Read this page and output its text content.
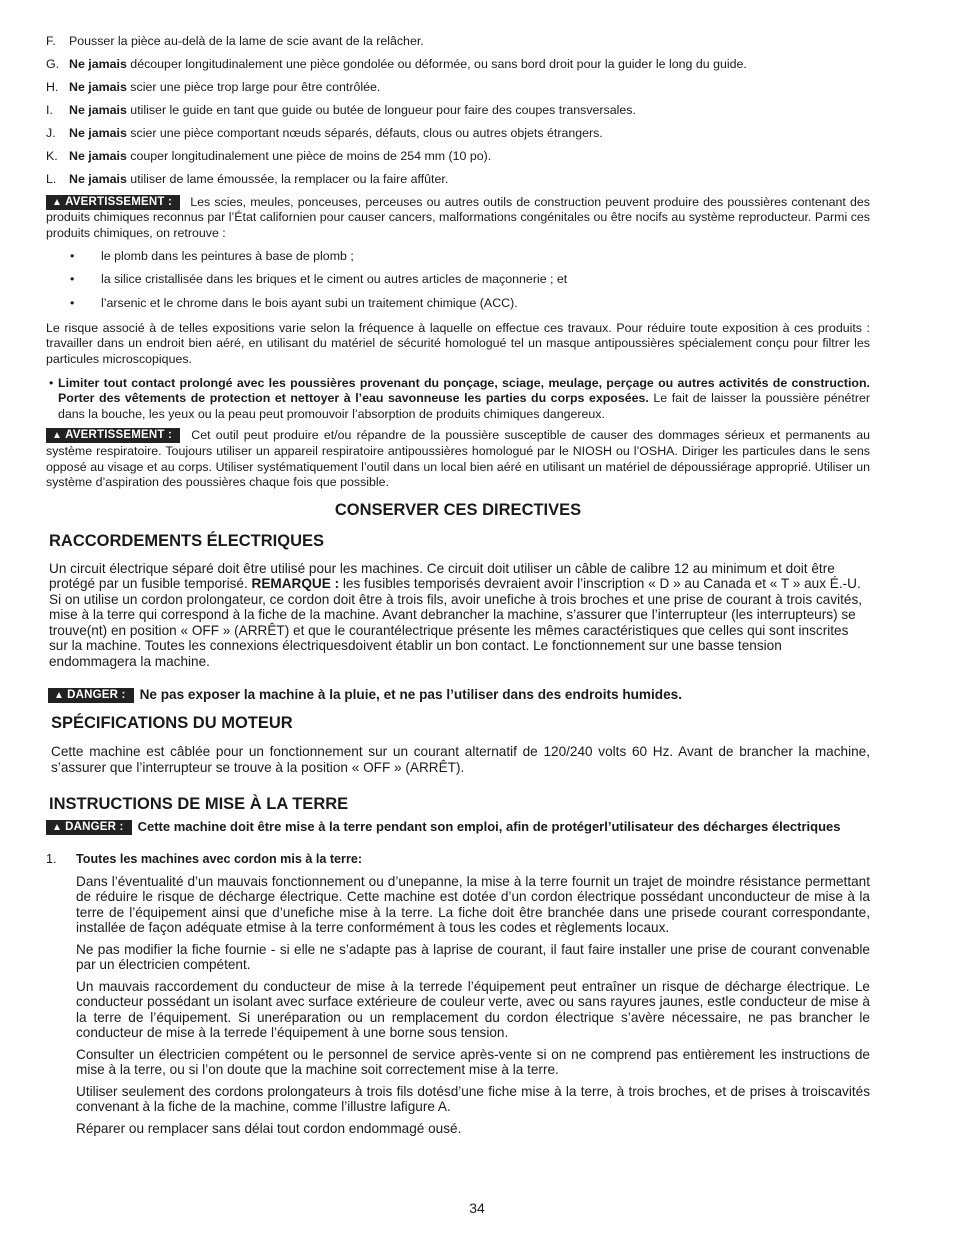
F. Pousser la pièce au-delà de la lame de scie avant de la relâcher.
G. Ne jamais découper longitudinalement une pièce gondolée ou déformée, ou sans bord droit pour la guider le long du guide.
H. Ne jamais scier une pièce trop large pour être contrôlée.
I. Ne jamais utiliser le guide en tant que guide ou butée de longueur pour faire des coupes transversales.
J. Ne jamais scier une pièce comportant nœuds séparés, défauts, clous ou autres objets étrangers.
K. Ne jamais couper longitudinalement une pièce de moins de 254 mm (10 po).
L. Ne jamais utiliser de lame émoussée, la remplacer ou la faire affûter.
▲ AVERTISSEMENT : Les scies, meules, ponceuses, perceuses ou autres outils de construction peuvent produire des poussières contenant des produits chimiques reconnus par l’État californien pour causer cancers, malformations congénitales ou être nocifs au système reproducteur. Parmi ces produits chimiques, on retrouve :
• le plomb dans les peintures à base de plomb ;
• la silice cristallisée dans les briques et le ciment ou autres articles de maçonnerie ; et
• l’arsenic et le chrome dans le bois ayant subi un traitement chimique (ACC).
Le risque associé à de telles expositions varie selon la fréquence à laquelle on effectue ces travaux. Pour réduire toute exposition à ces produits : travailler dans un endroit bien aéré, en utilisant du matériel de sécurité homologué tel un masque antipoussières spécialement conçu pour filtrer les particules microscopiques.
• Limiter tout contact prolongé avec les poussières provenant du ponçage, sciage, meulage, perçage ou autres activités de construction. Porter des vêtements de protection et nettoyer à l’eau savonneuse les parties du corps exposées. Le fait de laisser la poussière pénétrer dans la bouche, les yeux ou la peau peut promouvoir l’absorption de produits chimiques dangereux.
▲ AVERTISSEMENT : Cet outil peut produire et/ou répandre de la poussière susceptible de causer des dommages sérieux et permanents au système respiratoire. Toujours utiliser un appareil respiratoire antipoussières homologué par le NIOSH ou l’OSHA. Diriger les particules dans le sens opposé au visage et au corps. Utiliser systématiquement l’outil dans un local bien aéré en utilisant un matériel de dépoussiérage approprié. Utiliser un système d’aspiration des poussières chaque fois que possible.
CONSERVER CES DIRECTIVES
RACCORDEMENTS ÉLECTRIQUES
Un circuit électrique séparé doit être utilisé pour les machines. Ce circuit doit utiliser un câble de calibre 12 au minimum et doit être protégé par un fusible temporisé. REMARQUE : les fusibles temporisés devraient avoir l’inscription « D » au Canada et « T » aux É.-U. Si on utilise un cordon prolongateur, ce cordon doit être à trois fils, avoir unefiche à trois broches et une prise de courant à trois cavités, mise à la terre qui correspond à la fiche de la machine. Avant debrancher la machine, s’assurer que l’interrupteur (les interrupteurs) se trouve(nt) en position « OFF » (ARRÊT) et que le courantélectrique présente les mêmes caractéristiques que celles qui sont inscrites sur la machine. Toutes les connexions électriquesdoivent établir un bon contact. Le fonctionnement sur une basse tension endommagera la machine.
▲ DANGER : Ne pas exposer la machine à la pluie, et ne pas l’utiliser dans des endroits humides.
SPÉCIFICATIONS DU MOTEUR
Cette machine est câblée pour un fonctionnement sur un courant alternatif de 120/240 volts 60 Hz. Avant de brancher la machine, s’assurer que l’interrupteur se trouve à la position « OFF » (ARRÊT).
INSTRUCTIONS DE MISE À LA TERRE
▲ DANGER : Cette machine doit être mise à la terre pendant son emploi, afin de protégerl’utilisateur des décharges électriques
1. Toutes les machines avec cordon mis à la terre:
Dans l’éventualité d’un mauvais fonctionnement ou d’unepanne, la mise à la terre fournit un trajet de moindre résistance permettant de réduire le risque de décharge électrique. Cette machine est dotée d’un cordon électrique possédant unconducteur de mise à la terre de l’équipement ainsi que d’unefiche mise à la terre. La fiche doit être branchée dans une prisede courant correspondante, installée de façon adéquate etmise à la terre conformément à tous les codes et règlements locaux.
Ne pas modifier la fiche fournie - si elle ne s’adapte pas à laprise de courant, il faut faire installer une prise de courant convenable par un électricien compétent.
Un mauvais raccordement du conducteur de mise à la terrede l’équipement peut entraîner un risque de décharge électrique. Le conducteur possédant un isolant avec surface extérieure de couleur verte, avec ou sans rayures jaunes, estle conducteur de mise à la terre de l’équipement. Si uneréparation ou un remplacement du cordon électrique s’avère nécessaire, ne pas brancher le conducteur de mise à la terrede l’équipement à une borne sous tension.
Consulter un électricien compétent ou le personnel de service après-vente si on ne comprend pas entièrement les instructions de mise à la terre, ou si l’on doute que la machine soit correctement mise à la terre.
Utiliser seulement des cordons prolongateurs à trois fils dotésd’une fiche mise à la terre, à trois broches, et de prises à troiscavités convenant à la fiche de la machine, comme l’illustre lafigure A.
Réparer ou remplacer sans délai tout cordon endommagé ousé.
34
